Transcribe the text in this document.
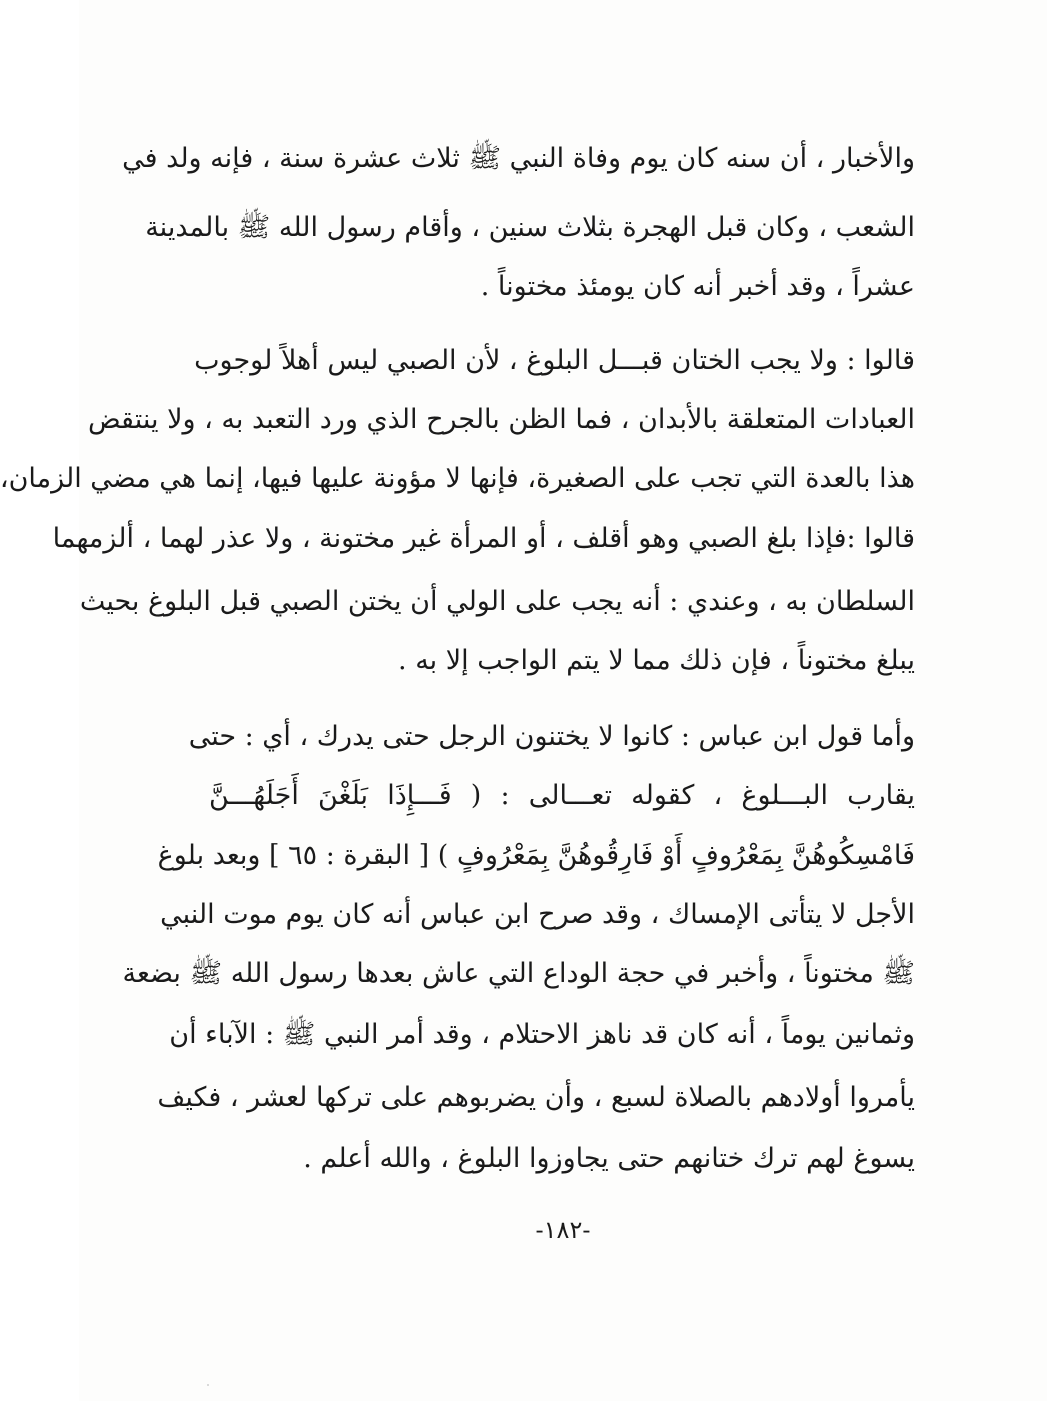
والأخبار ، أن سنه كان يوم وفاة النبي ﷺ ثلاث عشرة سنة ، فإنه ولد في
الشعب ، وكان قبل الهجرة بثلاث سنين ، وأقام رسول الله ﷺ بالمدينة
عشراً ، وقد أخبر أنه كان يومئذ مختوناً .
قالوا : ولا يجب الختان قبـــل البلوغ ، لأن الصبي ليس أهلاً لوجوب
العبادات المتعلقة بالأبدان ، فما الظن بالجرح الذي ورد التعبد به ، ولا ينتقض
هذا بالعدة التي تجب على الصغيرة، فإنها لا مؤونة عليها فيها، إنما هي مضي الزمان،
قالوا :فإذا بلغ الصبي وهو أقلف ، أو المرأة غير مختونة ، ولا عذر لهما ، ألزمهما
السلطان به ، وعندي : أنه يجب على الولي أن يختن الصبي قبل البلوغ بحيث
يبلغ مختوناً ، فإن ذلك مما لا يتم الواجب إلا به .
وأما قول ابن عباس : كانوا لا يختنون الرجل حتى يدرك ، أي : حتى
يقارب البـــلوغ ، كقوله تعـــالى : ( فَـــإِذَا بَلَغْنَ أَجَلَهُـــنَّ
فَامْسِكُوهُنَّ بِمَعْرُوفٍ أَوْ فَارِقُوهُنَّ بِمَعْرُوفٍ ) [ البقرة : ٦٥ ] وبعد بلوغ
الأجل لا يتأتى الإمساك ، وقد صرح ابن عباس أنه كان يوم موت النبي
ﷺ مختوناً ، وأخبر في حجة الوداع التي عاش بعدها رسول الله ﷺ بضعة
وثمانين يوماً ، أنه كان قد ناهز الاحتلام ، وقد أمر النبي ﷺ : الآباء أن
يأمروا أولادهم بالصلاة لسبع ، وأن يضربوهم على تركها لعشر ، فكيف
يسوغ لهم ترك ختانهم حتى يجاوزوا البلوغ ، والله أعلم .
-١٨٢-
